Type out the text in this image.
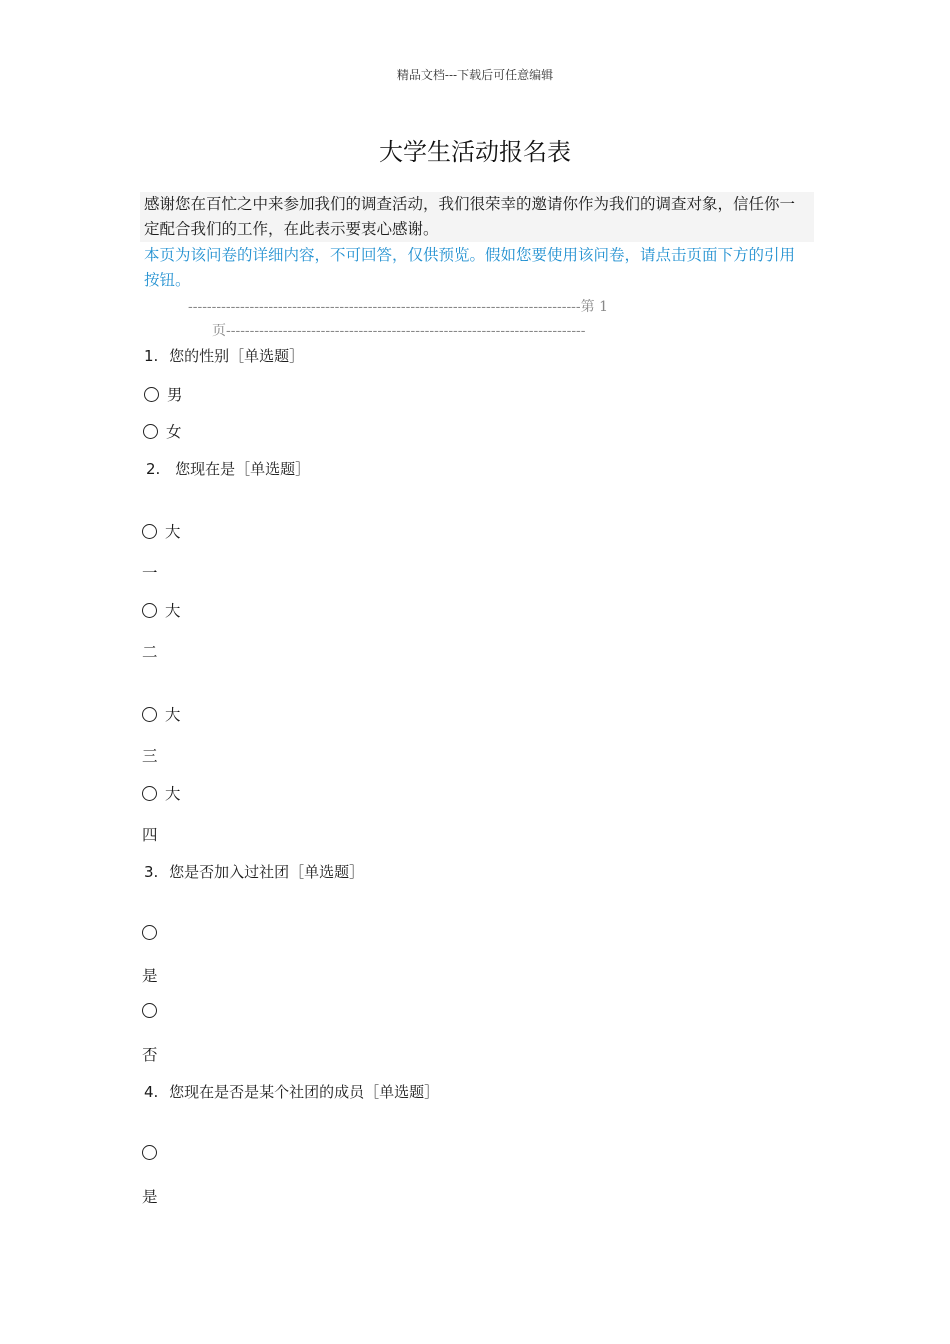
精品文档---下载后可任意编辑
大学生活动报名表
感谢您在百忙之中来参加我们的调查活动，我们很荣幸的邀请你作为我们的调查对象，信任你一定配合我们的工作，在此表示要衷心感谢。
本页为该问卷的详细内容，不可回答，仅供预览。假如您要使用该问卷，请点击页面下方的引用按钮。
-----------------------------------------------------------------------------------第 1
页----------------------------------------------------------------------------
1. 您的性别［单选题］
男
女
2. 您现在是［单选题］
大
一
大
二
大
三
大
四
3. 您是否加入过社团［单选题］
是
否
4. 您现在是否是某个社团的成员［单选题］
是
